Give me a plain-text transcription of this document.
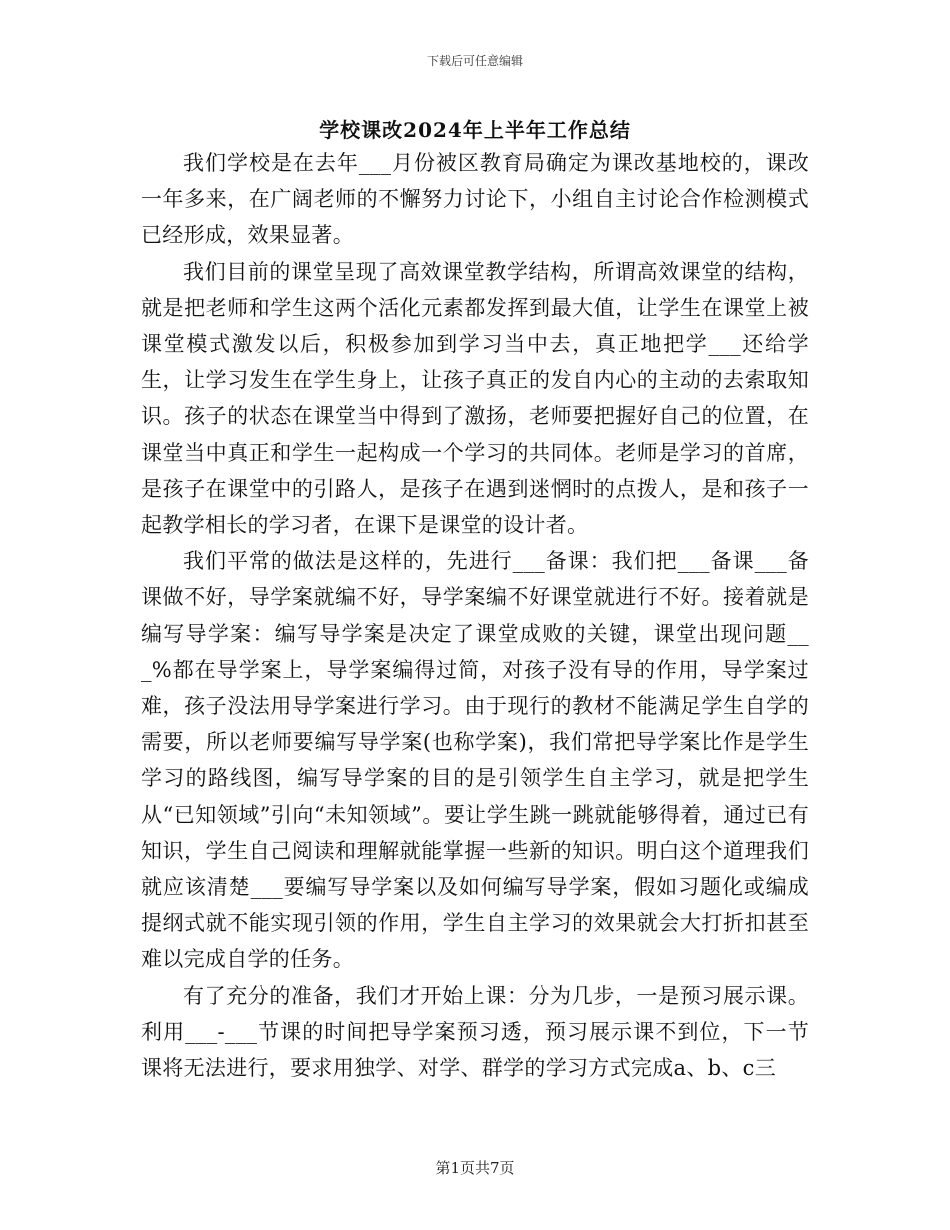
下载后可任意编辑
学校课改2024年上半年工作总结

我们学校是在去年___月份被区教育局确定为课改基地校的，课改一年多来，在广阔老师的不懈努力讨论下，小组自主讨论合作检测模式已经形成，效果显著。

我们目前的课堂呈现了高效课堂教学结构，所谓高效课堂的结构，就是把老师和学生这两个活化元素都发挥到最大值，让学生在课堂上被课堂模式激发以后，积极参加到学习当中去，真正地把学___还给学生，让学习发生在学生身上，让孩子真正的发自内心的主动的去索取知识。孩子的状态在课堂当中得到了激扬，老师要把握好自己的位置，在课堂当中真正和学生一起构成一个学习的共同体。老师是学习的首席，是孩子在课堂中的引路人，是孩子在遇到迷惘时的点拨人，是和孩子一起教学相长的学习者，在课下是课堂的设计者。

我们平常的做法是这样的，先进行___备课：我们把___备课___备课做不好，导学案就编不好，导学案编不好课堂就进行不好。接着就是编写导学案：编写导学案是决定了课堂成败的关键，课堂出现问题___%都在导学案上，导学案编得过简，对孩子没有导的作用，导学案过难，孩子没法用导学案进行学习。由于现行的教材不能满足学生自学的需要，所以老师要编写导学案(也称学案)，我们常把导学案比作是学生学习的路线图，编写导学案的目的是引领学生自主学习，就是把学生从“已知领域”引向“未知领域”。要让学生跳一跳就能够得着，通过已有知识，学生自己阅读和理解就能掌握一些新的知识。明白这个道理我们就应该清楚___要编写导学案以及如何编写导学案，假如习题化或编成提纲式就不能实现引领的作用，学生自主学习的效果就会大打折扣甚至难以完成自学的任务。

有了充分的准备，我们才开始上课：分为几步，一是预习展示课。利用___-___节课的时间把导学案预习透，预习展示课不到位，下一节课将无法进行，要求用独学、对学、群学的学习方式完成a、b、c三

第1页共7页
